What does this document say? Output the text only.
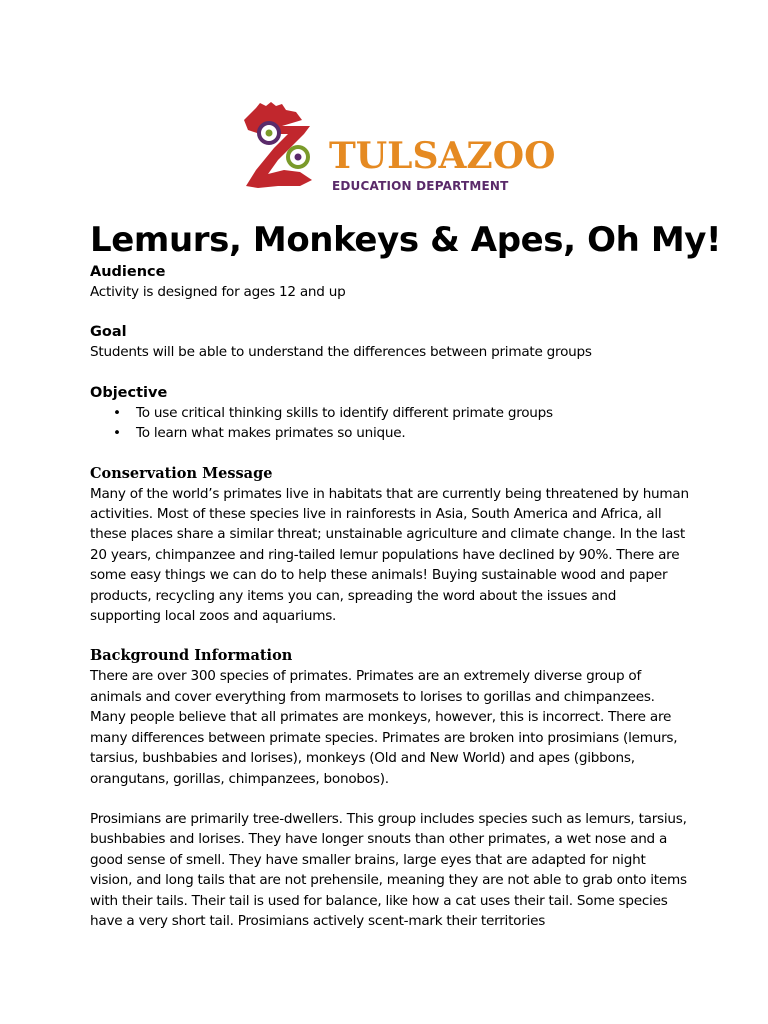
TULSAZOO
EDUCATION DEPARTMENT
Lemurs, Monkeys & Apes, Oh My!
Audience

Activity is designed for ages 12 and up

Goal

Students will be able to understand the differences between primate groups

Objective
• To use critical thinking skills to identify different primate groups
• To learn what makes primates so unique.
Conservation Message

Many of the world’s primates live in habitats that are currently being threatened by human activities. Most of these species live in rainforests in Asia, South America and Africa, all these places share a similar threat; unstainable agriculture and climate change. In the last 20 years, chimpanzee and ring-tailed lemur populations have declined by 90%. There are some easy things we can do to help these animals! Buying sustainable wood and paper products, recycling any items you can, spreading the word about the issues and supporting local zoos and aquariums.

Background Information

There are over 300 species of primates. Primates are an extremely diverse group of animals and cover everything from marmosets to lorises to gorillas and chimpanzees. Many people believe that all primates are monkeys, however, this is incorrect. There are many differences between primate species. Primates are broken into prosimians (lemurs, tarsius, bushbabies and lorises), monkeys (Old and New World) and apes (gibbons, orangutans, gorillas, chimpanzees, bonobos).

Prosimians are primarily tree-dwellers. This group includes species such as lemurs, tarsius, bushbabies and lorises. They have longer snouts than other primates, a wet nose and a good sense of smell. They have smaller brains, large eyes that are adapted for night vision, and long tails that are not prehensile, meaning they are not able to grab onto items with their tails. Their tail is used for balance, like how a cat uses their tail. Some species have a very short tail. Prosimians actively scent-mark their territories
